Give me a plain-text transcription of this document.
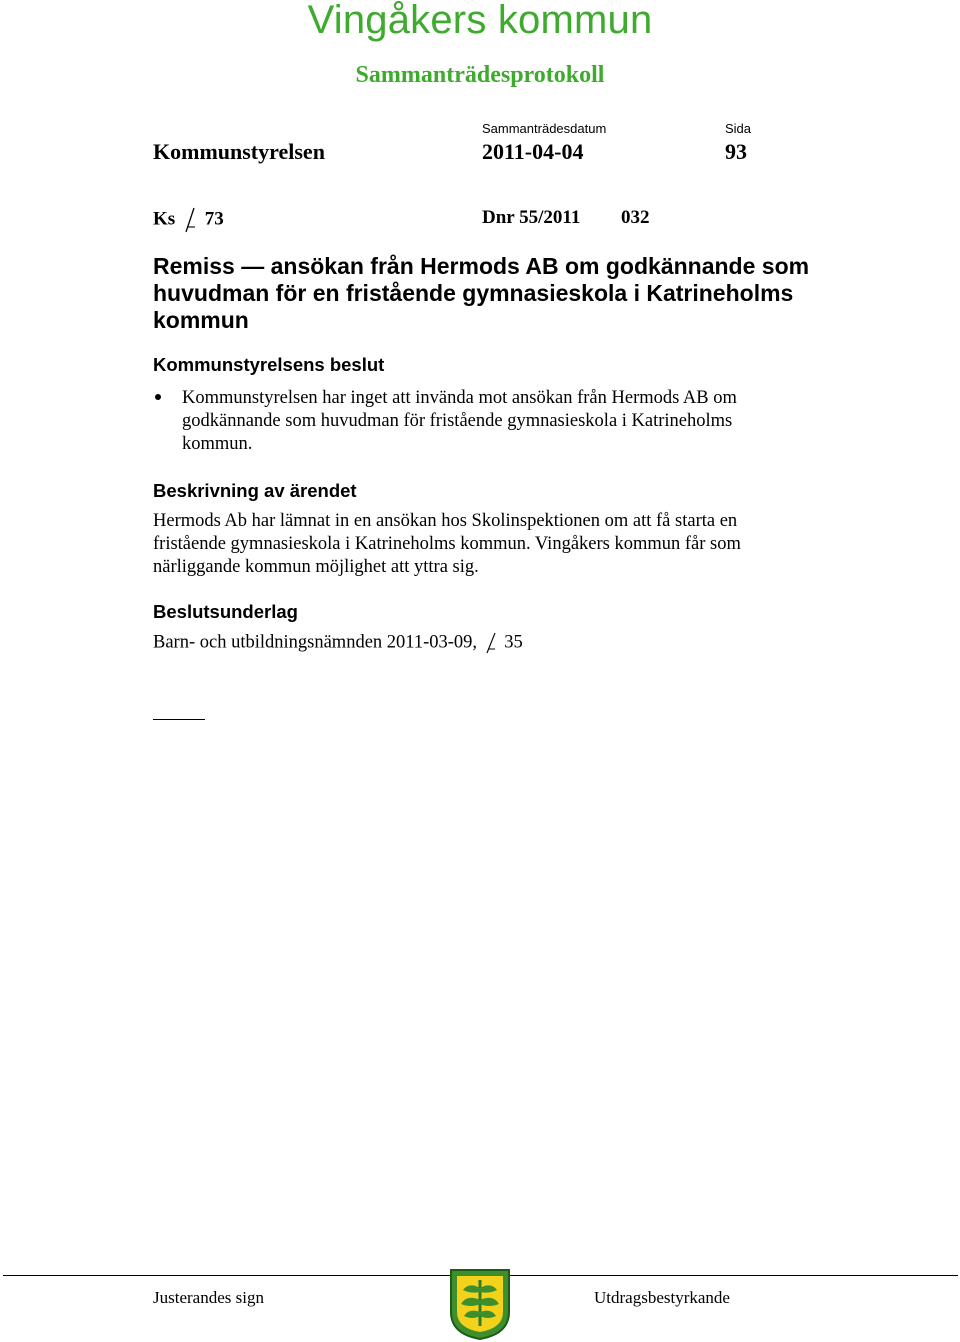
Vingåkers kommun
Sammanträdesprotokoll
Sammanträdesdatum	Sida
Kommunstyrelsen	2011-04-04	93
Ks 73	Dnr 55/2011 032
Remiss — ansökan från Hermods AB om godkännande som huvudman för en fristående gymnasieskola i Katrineholms kommun
Kommunstyrelsens beslut
Kommunstyrelsen har inget att invända mot ansökan från Hermods AB om godkännande som huvudman för fristående gymnasieskola i Katrineholms kommun.
Beskrivning av ärendet
Hermods Ab har lämnat in en ansökan hos Skolinspektionen om att få starta en fristående gymnasieskola i Katrineholms kommun. Vingåkers kommun får som närliggande kommun möjlighet att yttra sig.
Beslutsunderlag
Barn- och utbildningsnämnden 2011-03-09, 35
Justerandes sign	Utdragsbestyrkande
